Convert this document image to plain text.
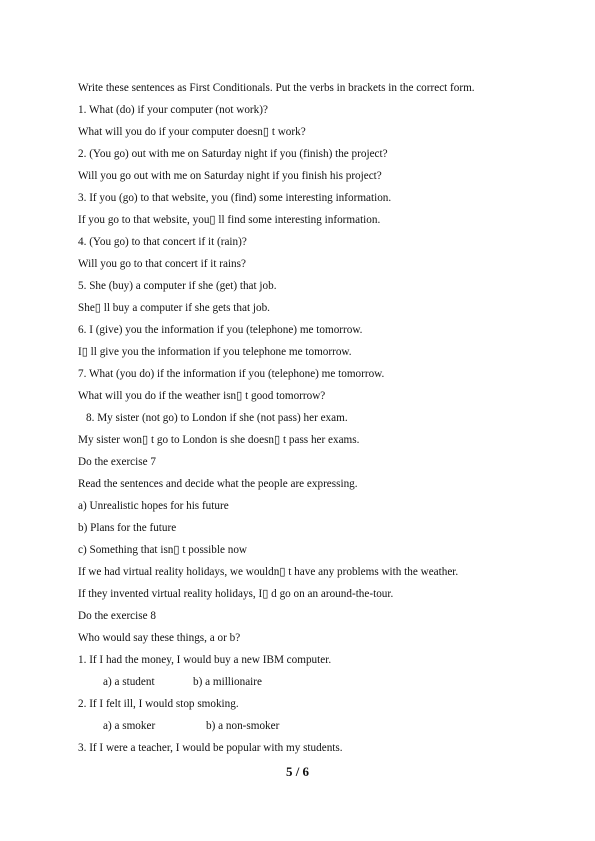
Write these sentences as First Conditionals. Put the verbs in brackets in the correct form.
1. What (do) if your computer (not work)?
What will you do if your computer doesn▯ t work?
2. (You go) out with me on Saturday night if you (finish) the project?
Will you go out with me on Saturday night if you finish his project?
3. If you (go) to that website, you (find) some interesting information.
If you go to that website, you▯ ll find some interesting information.
4. (You go) to that concert if it (rain)?
Will you go to that concert if it rains?
5. She (buy) a computer if she (get) that job.
She▯ ll buy a computer if she gets that job.
6. I (give) you the information if you (telephone) me tomorrow.
I▯ ll give you the information if you telephone me tomorrow.
7. What (you do) if the information if you (telephone) me tomorrow.
What will you do if the weather isn▯ t good tomorrow?
8. My sister (not go) to London if she (not pass) her exam.
My sister won▯ t go to London is she doesn▯ t pass her exams.
Do the exercise 7
Read the sentences and decide what the people are expressing.
a) Unrealistic hopes for his future
b) Plans for the future
c) Something that isn▯ t possible now
If we had virtual reality holidays, we wouldn▯ t have any problems with the weather.
If they invented virtual reality holidays, I▯ d go on an around-the-tour.
Do the exercise 8
Who would say these things, a or b?
1. If I had the money, I would buy a new IBM computer.
a) a student	b) a millionaire
2. If I felt ill, I would stop smoking.
a) a smoker	b) a non-smoker
3. If I were a teacher, I would be popular with my students.
5 / 6
